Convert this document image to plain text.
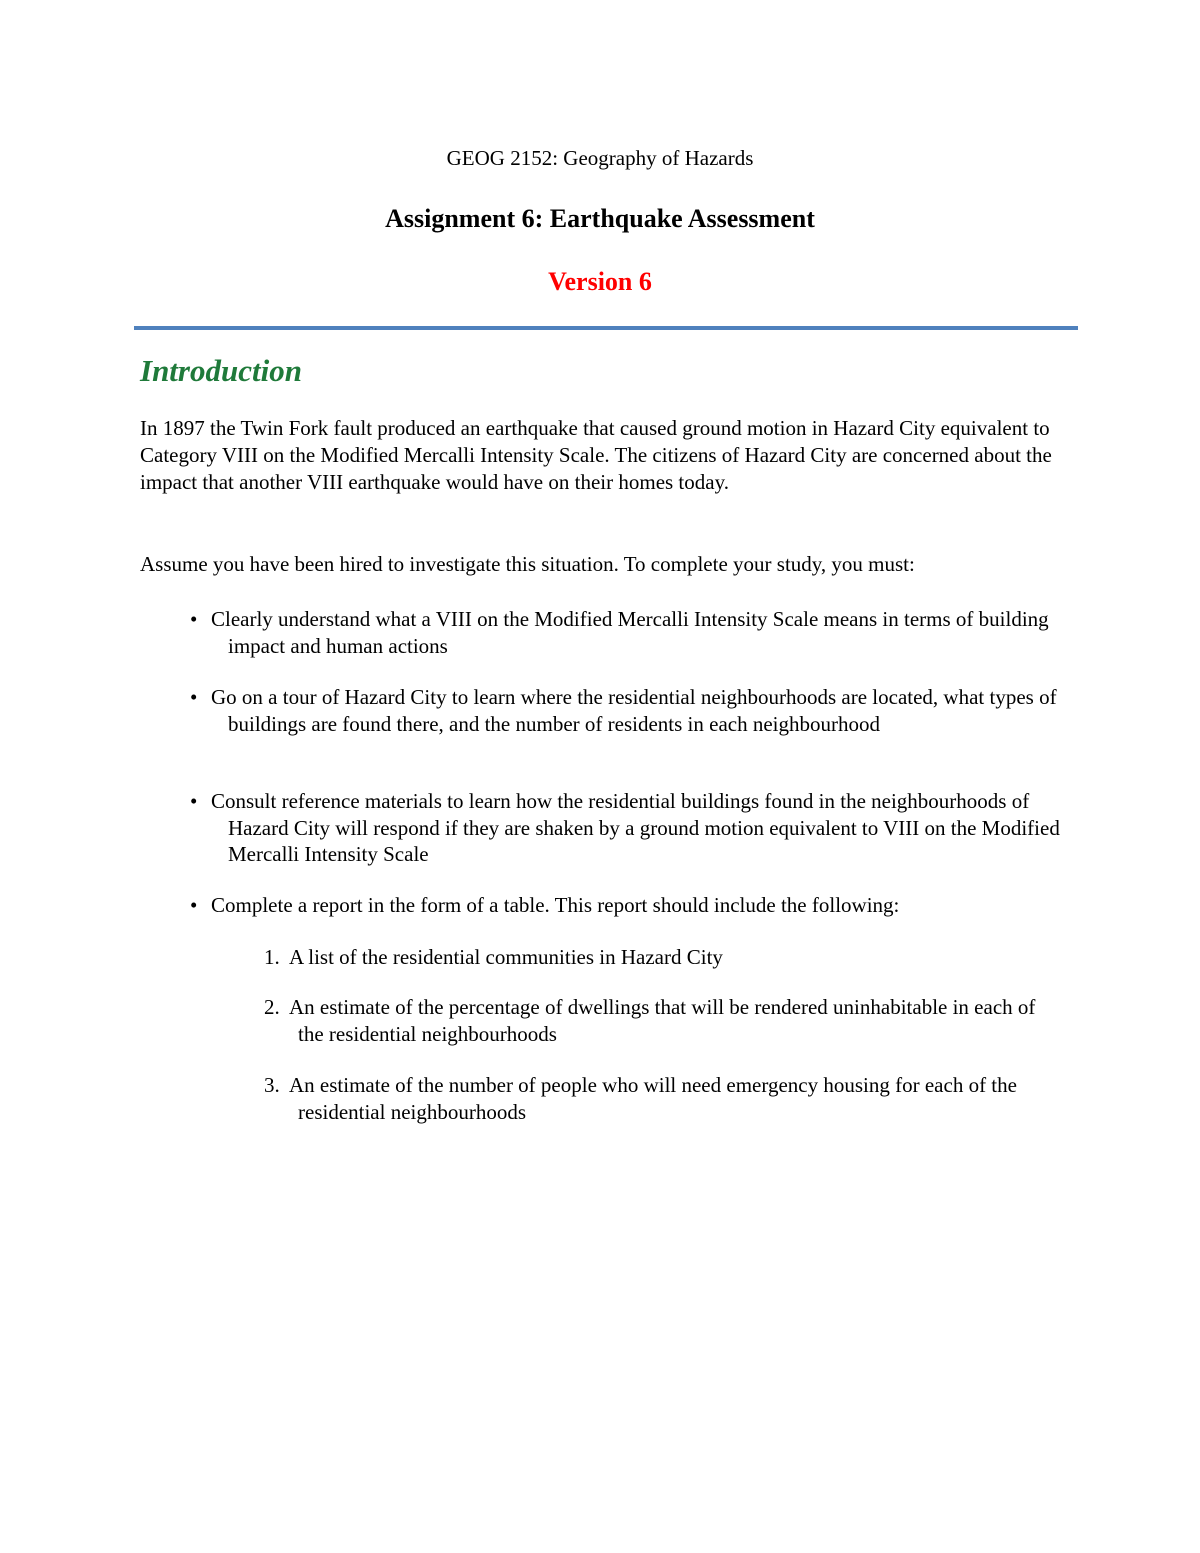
GEOG 2152: Geography of Hazards
Assignment 6: Earthquake Assessment
Version 6
Introduction

In 1897 the Twin Fork fault produced an earthquake that caused ground motion in Hazard City equivalent to Category VIII on the Modified Mercalli Intensity Scale. The citizens of Hazard City are concerned about the impact that another VIII earthquake would have on their homes today.

Assume you have been hired to investigate this situation. To complete your study, you must:

• Clearly understand what a VIII on the Modified Mercalli Intensity Scale means in terms of building impact and human actions
• Go on a tour of Hazard City to learn where the residential neighbourhoods are located, what types of buildings are found there, and the number of residents in each neighbourhood
• Consult reference materials to learn how the residential buildings found in the neighbourhoods of Hazard City will respond if they are shaken by a ground motion equivalent to VIII on the Modified Mercalli Intensity Scale
• Complete a report in the form of a table. This report should include the following:
1. A list of the residential communities in Hazard City
2. An estimate of the percentage of dwellings that will be rendered uninhabitable in each of the residential neighbourhoods
3. An estimate of the number of people who will need emergency housing for each of the residential neighbourhoods
